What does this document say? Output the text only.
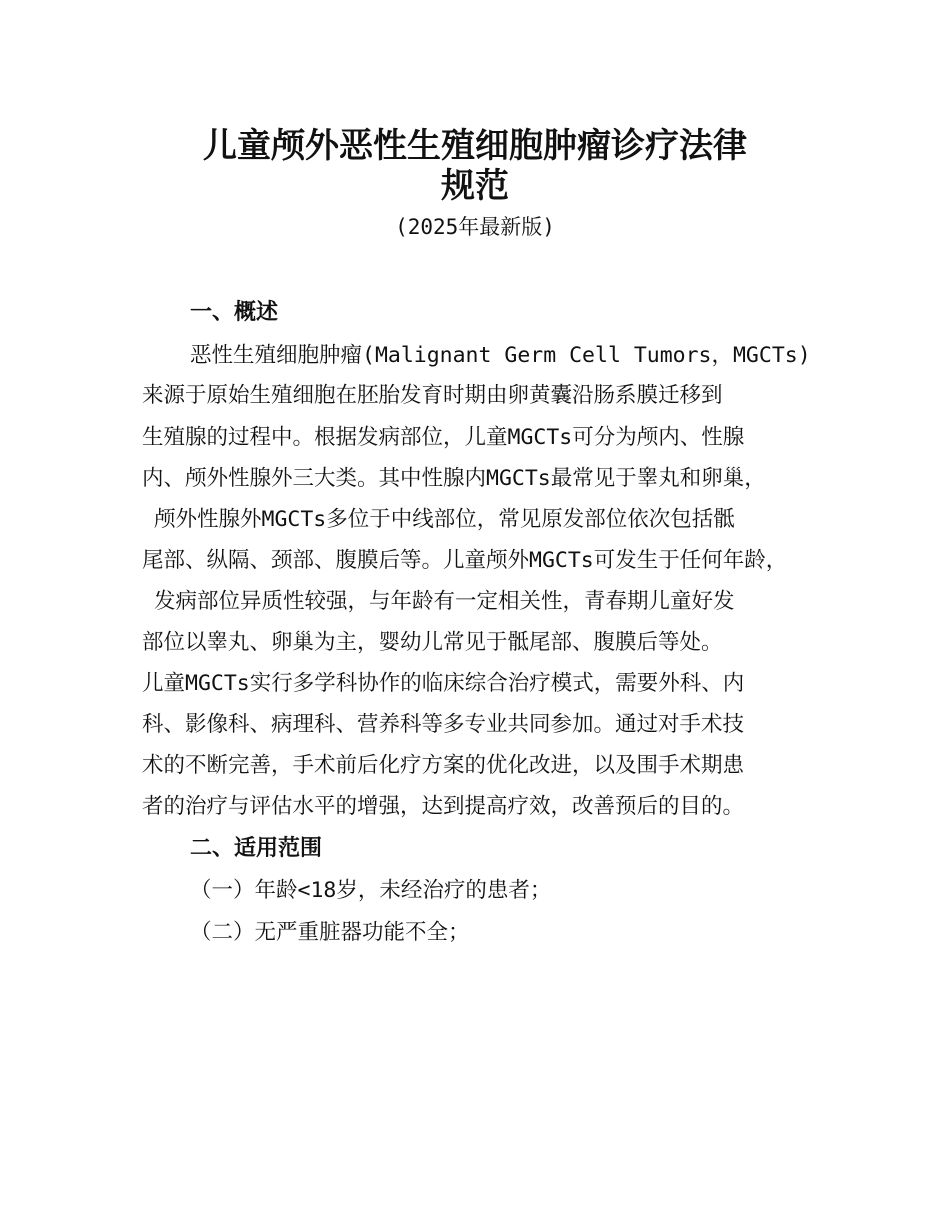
儿童颅外恶性生殖细胞肿瘤诊疗法律
规范
(2025年最新版)
一、概述
恶性生殖细胞肿瘤(Malignant Germ Cell Tumors，MGCTs)
来源于原始生殖细胞在胚胎发育时期由卵黄囊沿肠系膜迁移到
生殖腺的过程中。根据发病部位，儿童MGCTs可分为颅内、性腺
内、颅外性腺外三大类。其中性腺内MGCTs最常见于睾丸和卵巢，
颅外性腺外MGCTs多位于中线部位，常见原发部位依次包括骶
尾部、纵隔、颈部、腹膜后等。儿童颅外MGCTs可发生于任何年龄，
发病部位异质性较强，与年龄有一定相关性，青春期儿童好发
部位以睾丸、卵巢为主，婴幼儿常见于骶尾部、腹膜后等处。
儿童MGCTs实行多学科协作的临床综合治疗模式，需要外科、内
科、影像科、病理科、营养科等多专业共同参加。通过对手术技
术的不断完善，手术前后化疗方案的优化改进，以及围手术期患
者的治疗与评估水平的增强，达到提高疗效，改善预后的目的。
二、适用范围
（一）年龄<18岁，未经治疗的患者；
（二）无严重脏器功能不全；
